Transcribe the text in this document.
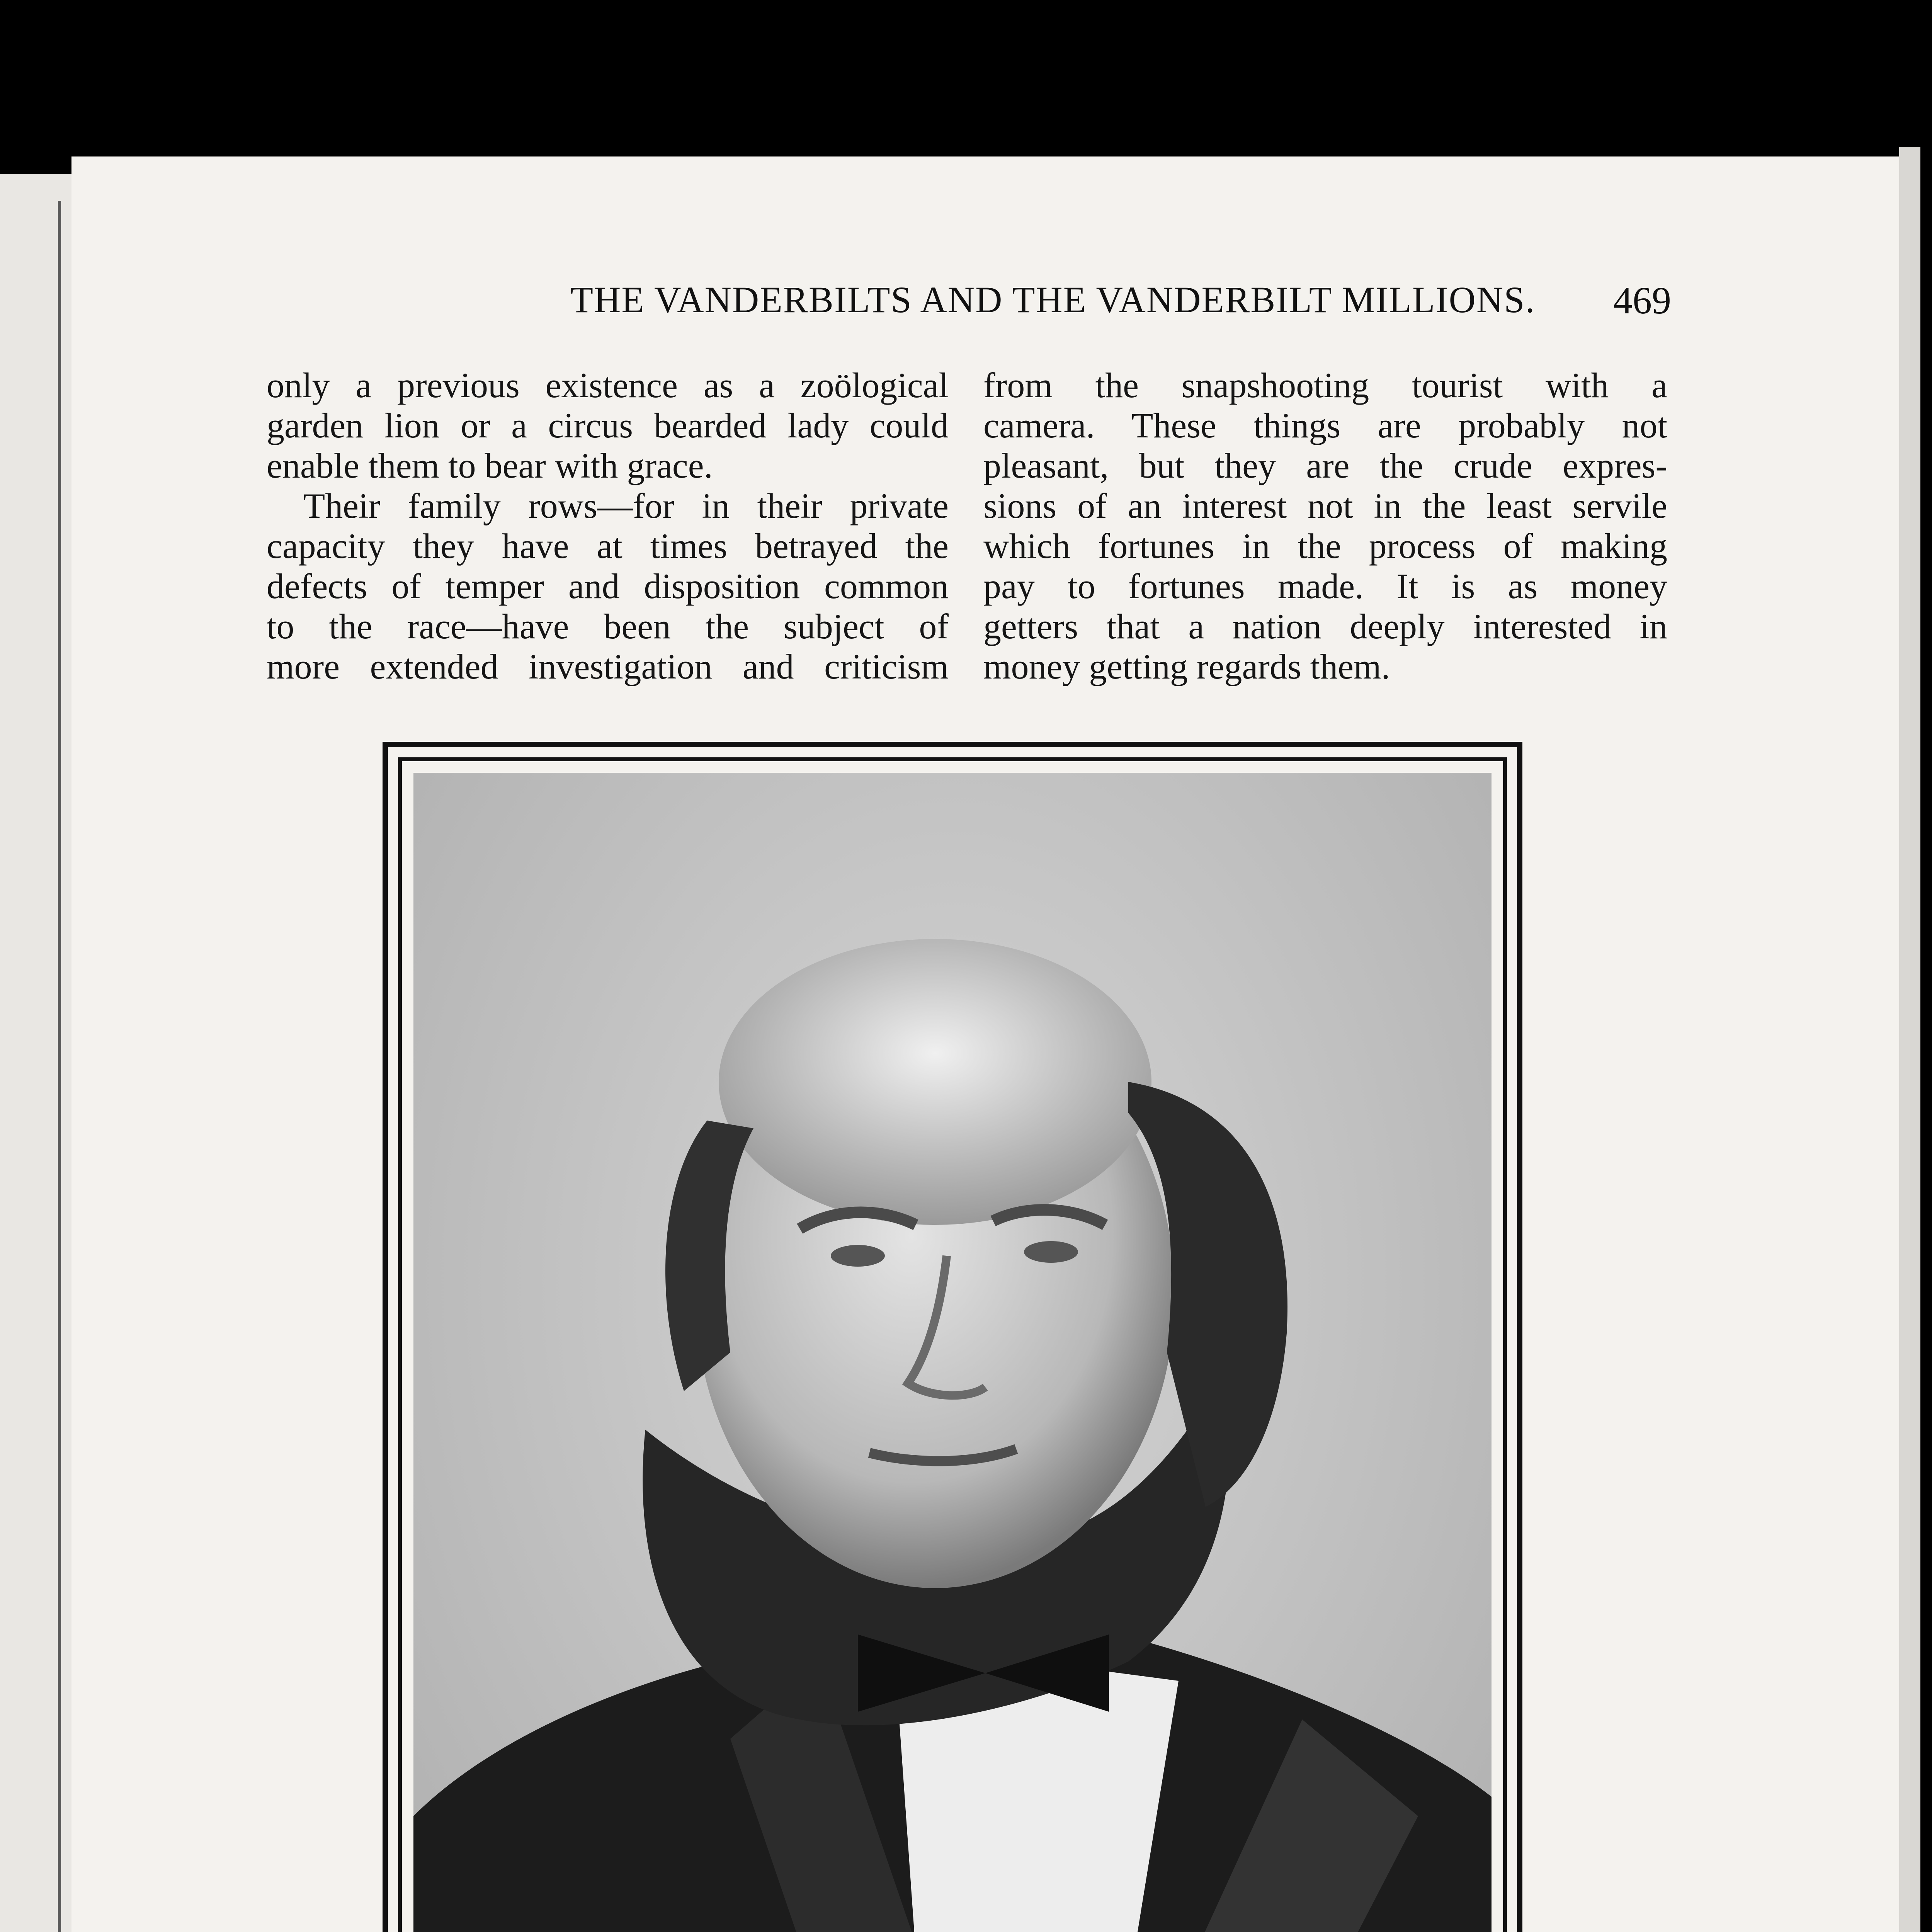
THE VANDERBILTS AND THE VANDERBILT MILLIONS.	469
only a previous existence as a zoölogical
garden lion or a circus bearded lady could
enable them to bear with grace.
Their family rows—for in their private
capacity they have at times betrayed the
defects of temper and disposition common
to the race—have been the subject of
more extended investigation and criticism
from the snapshooting tourist with a
camera. These things are probably not
pleasant, but they are the crude expres-
sions of an interest not in the least servile
which fortunes in the process of making
pay to fortunes made. It is as money
getters that a nation deeply interested in
money getting regards them.
